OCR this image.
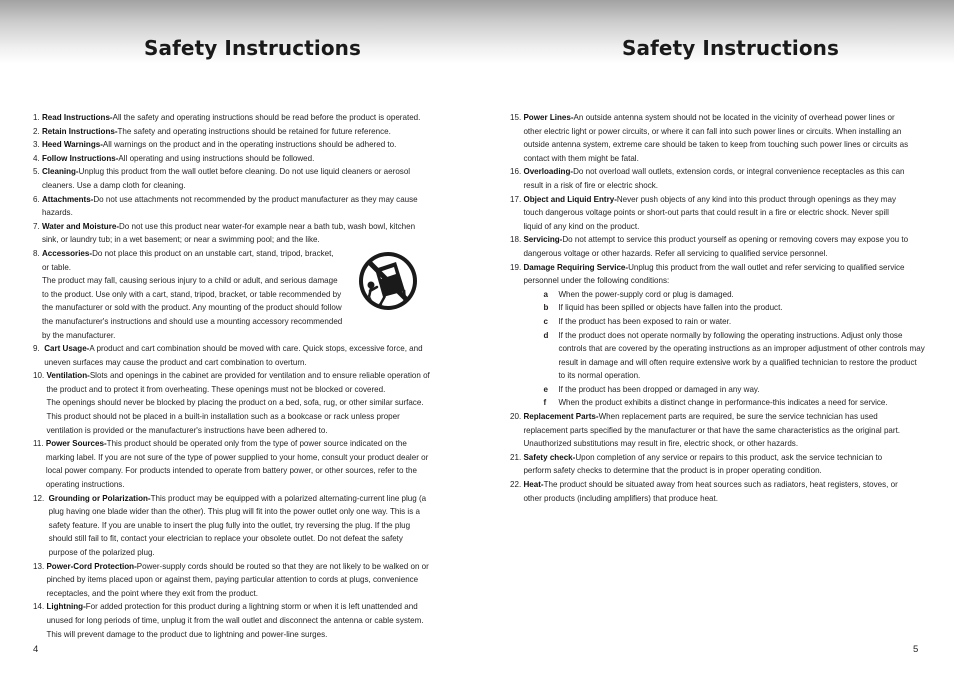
Safety Instructions	Safety Instructions
1. Read Instructions-All the safety and operating instructions should be read before the product is operated.
2. Retain Instructions-The safety and operating instructions should be retained for future reference.
3. Heed Warnings-All warnings on the product and in the operating instructions should be adhered to.
4. Follow Instructions-All operating and using instructions should be followed.
5. Cleaning-Unplug this product from the wall outlet before cleaning. Do not use liquid cleaners or aerosol
cleaners. Use a damp cloth for cleaning.
6. Attachments-Do not use attachments not recommended by the product manufacturer as they may cause
hazards.
7. Water and Moisture-Do not use this product near water-for example near a bath tub, wash bowl, kitchen
sink, or laundry tub; in a wet basement; or near a swimming pool; and the like.
8. Accessories-Do not place this product on an unstable cart, stand, tripod, bracket,
or table.
The product may fall, causing serious injury to a child or adult, and serious damage
to the product. Use only with a cart, stand, tripod, bracket, or table recommended by
the manufacturer or sold with the product. Any mounting of the product should follow
the manufacturer's instructions and should use a mounting accessory recommended
by the manufacturer.
9. Cart Usage-A product and cart combination should be moved with care. Quick stops, excessive force, and
uneven surfaces may cause the product and cart combination to overturn.
10. Ventilation-Slots and openings in the cabinet are provided for ventilation and to ensure reliable operation of
the product and to protect it from overheating. These openings must not be blocked or covered.
The openings should never be blocked by placing the product on a bed, sofa, rug, or other similar surface.
This product should not be placed in a built-in installation such as a bookcase or rack unless proper
ventilation is provided or the manufacturer's instructions have been adhered to.
11. Power Sources-This product should be operated only from the type of power source indicated on the
marking label. If you are not sure of the type of power supplied to your home, consult your product dealer or
local power company. For products intended to operate from battery power, or other sources, refer to the
operating instructions.
12. Grounding or Polarization-This product may be equipped with a polarized alternating-current line plug (a
plug having one blade wider than the other). This plug will fit into the power outlet only one way. This is a
safety feature. If you are unable to insert the plug fully into the outlet, try reversing the plug. If the plug
should still fail to fit, contact your electrician to replace your obsolete outlet. Do not defeat the safety
purpose of the polarized plug.
13. Power-Cord Protection-Power-supply cords should be routed so that they are not likely to be walked on or
pinched by items placed upon or against them, paying particular attention to cords at plugs, convenience
receptacles, and the point where they exit from the product.
14. Lightning-For added protection for this product during a lightning storm or when it is left unattended and
unused for long periods of time, unplug it from the wall outlet and disconnect the antenna or cable system.
This will prevent damage to the product due to lightning and power-line surges.
15. Power Lines-An outside antenna system should not be located in the vicinity of overhead power lines or
other electric light or power circuits, or where it can fall into such power lines or circuits. When installing an
outside antenna system, extreme care should be taken to keep from touching such power lines or circuits as
contact with them might be fatal.
16. Overloading-Do not overload wall outlets, extension cords, or integral convenience receptacles as this can
result in a risk of fire or electric shock.
17. Object and Liquid Entry-Never push objects of any kind into this product through openings as they may
touch dangerous voltage points or short-out parts that could result in a fire or electric shock. Never spill
liquid of any kind on the product.
18. Servicing-Do not attempt to service this product yourself as opening or removing covers may expose you to
dangerous voltage or other hazards. Refer all servicing to qualified service personnel.
19. Damage Requiring Service-Unplug this product from the wall outlet and refer servicing to qualified service
personnel under the following conditions:
a	When the power-supply cord or plug is damaged.
b	If liquid has been spilled or objects have fallen into the product.
c	If the product has been exposed to rain or water.
d	If the product does not operate normally by following the operating instructions. Adjust only those
controls that are covered by the operating instructions as an improper adjustment of other controls may
result in damage and will often require extensive work by a qualified technician to restore the product
to its normal operation.
e	If the product has been dropped or damaged in any way.
f	When the product exhibits a distinct change in performance-this indicates a need for service.
20. Replacement Parts-When replacement parts are required, be sure the service technician has used
replacement parts specified by the manufacturer or that have the same characteristics as the original part.
Unauthorized substitutions may result in fire, electric shock, or other hazards.
21. Safety check-Upon completion of any service or repairs to this product, ask the service technician to
perform safety checks to determine that the product is in proper operating condition.
22. Heat-The product should be situated away from heat sources such as radiators, heat registers, stoves, or
other products (including amplifiers) that produce heat.
4	5
